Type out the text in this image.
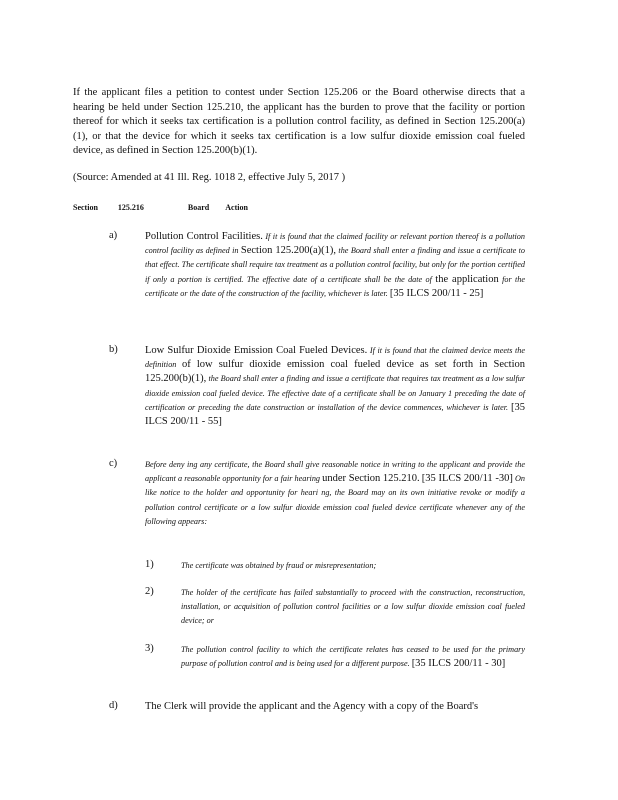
If the applicant files a petition to contest under Section 125.206 or the Board otherwise directs that a hearing be held under Section 125.210, the applicant has the burden to prove that the facility or portion thereof for which it seeks tax certification is a pollution control facility, as defined in Section 125.200(a)(1), or that the device for which it seeks tax certification is a low sulfur dioxide emission coal fueled device, as defined in Section 125.200(b)(1).
(Source: Amended at 41 Ill. Reg. 1018 2, effective July 5, 2017 )
Section	125.216	Board Action
a)	Pollution Control Facilities. If it is found that the claimed facility or relevant portion thereof is a pollution control facility as defined in Section 125.200(a)(1), the Board shall enter a finding and issue a certificate to that effect. The certificate shall require tax treatment as a pollution control facility, but only for the portion certified if only a portion is certified. The effective date of a certificate shall be the date of the application for the certificate or the date of the construction of the facility, whichever is later. [35 ILCS 200/11 - 25]
b)	Low Sulfur Dioxide Emission Coal Fueled Devices. If it is found that the claimed device meets the definition of low sulfur dioxide emission coal fueled device as set forth in Section 125.200(b)(1), the Board shall enter a finding and issue a certificate that requires tax treatment as a low sulfur dioxide emission coal fueled device. The effective date of a certificate shall be on January 1 preceding the date of certification or preceding the date construction or installation of the device commences, whichever is later. [35 ILCS 200/11 - 55]
c)	Before deny ing any certificate, the Board shall give reasonable notice in writing to the applicant and provide the applicant a reasonable opportunity for a fair hearing under Section 125.210. [35 ILCS 200/11 -30] On like notice to the holder and opportunity for heari ng, the Board may on its own initiative revoke or modify a pollution control certificate or a low sulfur dioxide emission coal fueled device certificate whenever any of the following appears:
1)	The certificate was obtained by fraud or misrepresentation;
2)	The holder of the certificate has failed substantially to proceed with the construction, reconstruction, installation, or acquisition of pollution control facilities or a low sulfur dioxide emission coal fueled device; or
3)	The pollution control facility to which the certificate relates has ceased to be used for the primary purpose of pollution control and is being used for a different purpose. [35 ILCS 200/11 - 30]
d)	The Clerk will provide the applicant and the Agency with a copy of the Board's
